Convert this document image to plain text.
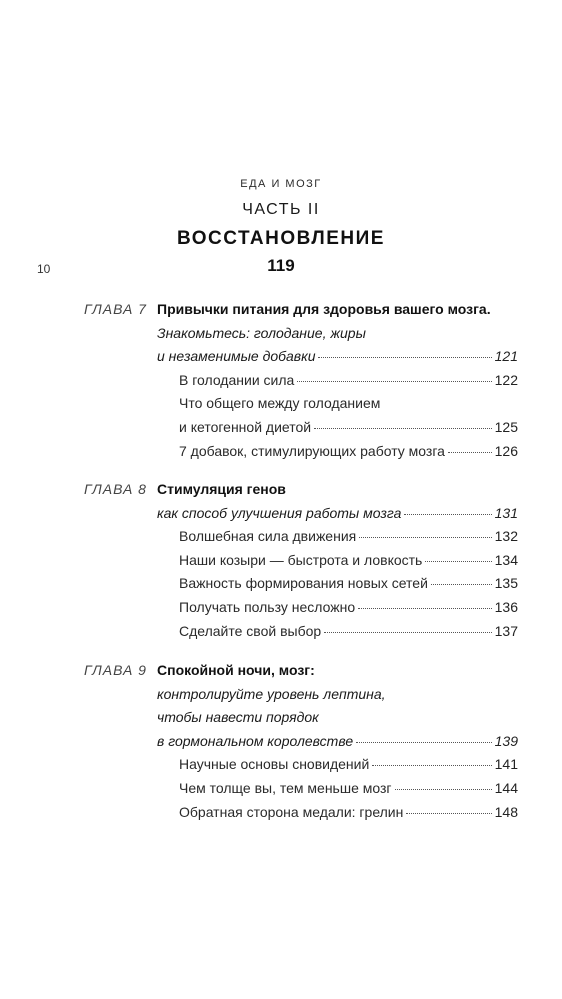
ЕДА И МОЗГ
10
ЧАСТЬ II
ВОССТАНОВЛЕНИЕ
119
ГЛАВА 7 Привычки питания для здоровья вашего мозга.
Знакомьтесь: голодание, жиры
и незаменимые добавки	121
В голодании сила	122
Что общего между голоданием
и кетогенной диетой	125
7 добавок, стимулирующих работу мозга	126
ГЛАВА 8 Стимуляция генов
как способ улучшения работы мозга	131
Волшебная сила движения	132
Наши козыри — быстрота и ловкость	134
Важность формирования новых сетей	135
Получать пользу несложно	136
Сделайте свой выбор	137
ГЛАВА 9 Спокойной ночи, мозг:
контролируйте уровень лептина,
чтобы навести порядок
в гормональном королевстве	139
Научные основы сновидений	141
Чем толще вы, тем меньше мозг	144
Обратная сторона медали: грелин	148
